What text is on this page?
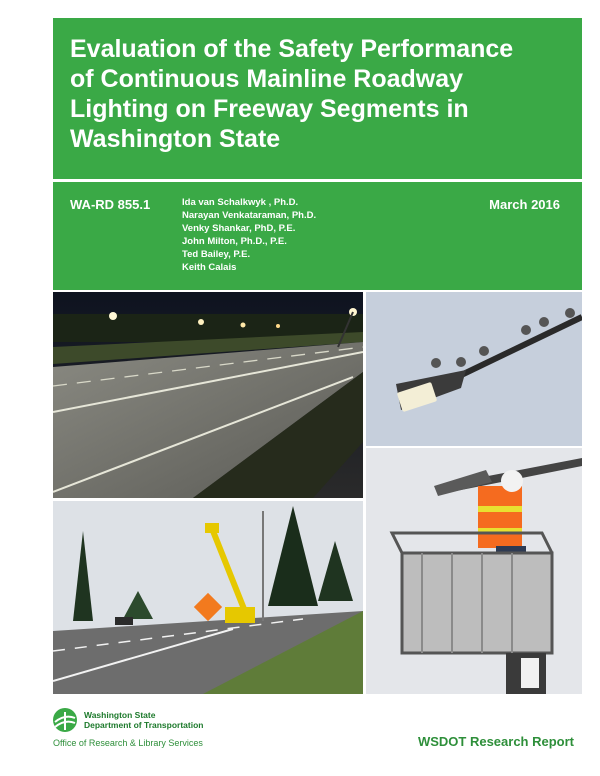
Evaluation of the Safety Performance
of Continuous Mainline Roadway
Lighting on Freeway Segments in
Washington State
WA-RD 855.1	Ida van Schalkwyk , Ph.D.
Narayan Venkataraman, Ph.D.
Venky Shankar, PhD, P.E.
John Milton, Ph.D., P.E.
Ted Bailey, P.E.
Keith Calais
March 2016
Washington State
Department of Transportation
Office of Research & Library Services	WSDOT Research Report
